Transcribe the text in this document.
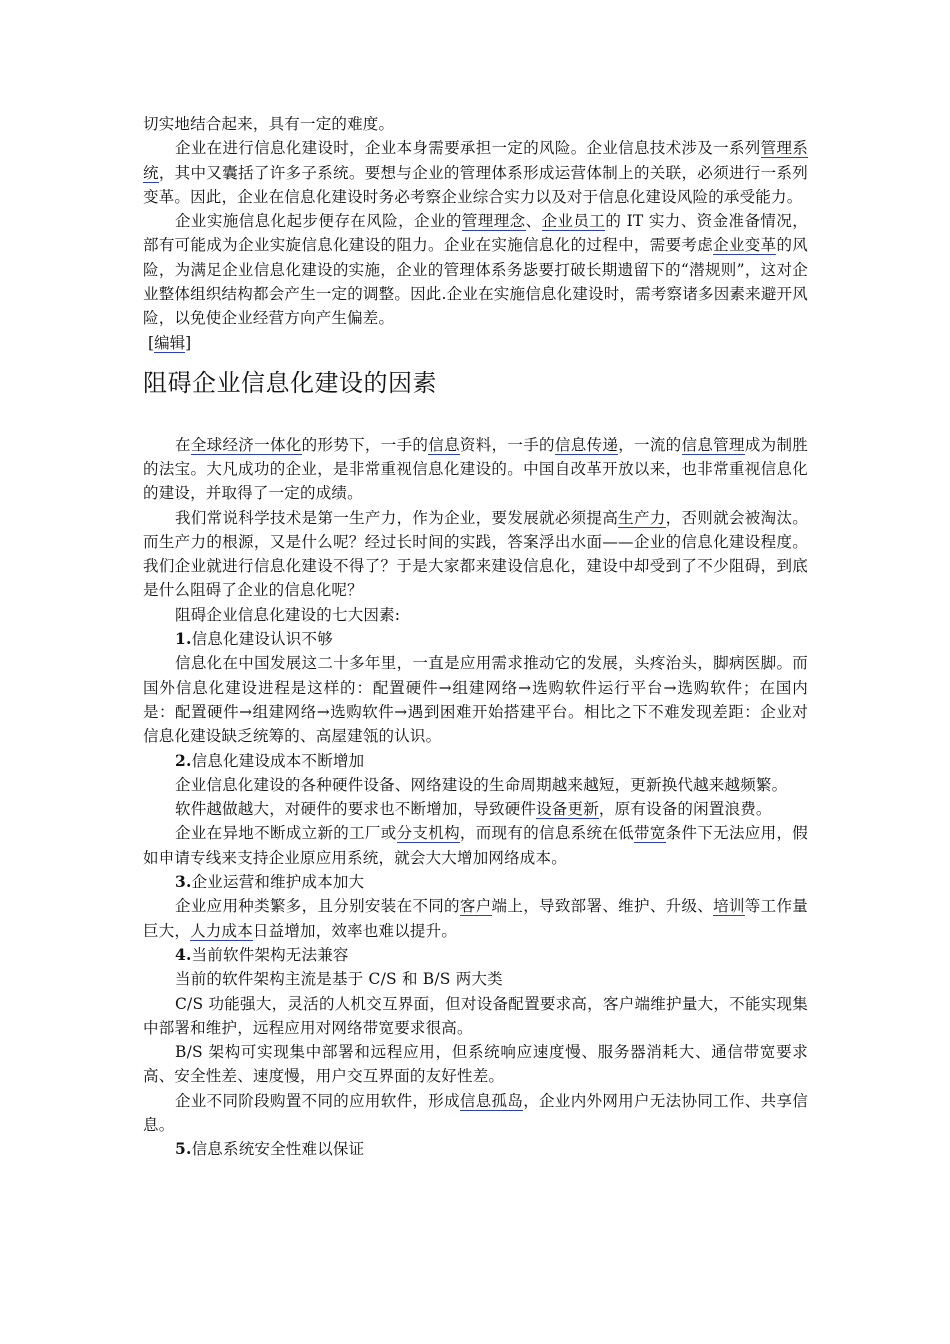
切实地结合起来，具有一定的难度。

企业在进行信息化建设时，企业本身需要承担一定的风险。企业信息技术涉及一系列管理系统，其中又囊括了许多子系统。要想与企业的管理体系形成运营体制上的关联，必须进行一系列变革。因此，企业在信息化建设时务必考察企业综合实力以及对于信息化建设风险的承受能力。

企业实施信息化起步便存在风险，企业的管理理念、企业员工的 IT 实力、资金准备情况，部有可能成为企业实旋信息化建设的阻力。企业在实施信息化的过程中，需要考虑企业变革的风险，为满足企业信息化建设的实施，企业的管理体系务毖要打破长期遗留下的“潜规则”，这对企业整体组织结构都会产生一定的调整。因此.企业在实施信息化建设时，需考察诸多因素来避开风险，以免使企业经营方向产生偏差。

[编辑]
阻碍企业信息化建设的因素

在全球经济一体化的形势下，一手的信息资料，一手的信息传递，一流的信息管理成为制胜的法宝。大凡成功的企业，是非常重视信息化建设的。中国自改革开放以来，也非常重视信息化的建设，并取得了一定的成绩。

我们常说科学技术是第一生产力，作为企业，要发展就必须提高生产力，否则就会被淘汰。而生产力的根源，又是什么呢？经过长时间的实践，答案浮出水面——企业的信息化建设程度。我们企业就进行信息化建设不得了？于是大家都来建设信息化，建设中却受到了不少阻碍，到底是什么阻碍了企业的信息化呢？

阻碍企业信息化建设的七大因素:

1.信息化建设认识不够

信息化在中国发展这二十多年里，一直是应用需求推动它的发展，头疼治头，脚病医脚。而国外信息化建设进程是这样的：配置硬件→组建网络→选购软件运行平台→选购软件；在国内是：配置硬件→组建网络→选购软件→遇到困难开始搭建平台。相比之下不难发现差距：企业对信息化建设缺乏统筹的、高屋建瓴的认识。

2.信息化建设成本不断增加

企业信息化建设的各种硬件设备、网络建设的生命周期越来越短，更新换代越来越频繁。

软件越做越大，对硬件的要求也不断增加，导致硬件设备更新，原有设备的闲置浪费。

企业在异地不断成立新的工厂或分支机构，而现有的信息系统在低带宽条件下无法应用，假如申请专线来支持企业原应用系统，就会大大增加网络成本。

3.企业运营和维护成本加大

企业应用种类繁多，且分别安装在不同的客户端上，导致部署、维护、升级、培训等工作量巨大，人力成本日益增加，效率也难以提升。

4.当前软件架构无法兼容

当前的软件架构主流是基于 C/S 和 B/S 两大类

C/S 功能强大，灵活的人机交互界面，但对设备配置要求高，客户端维护量大，不能实现集中部署和维护，远程应用对网络带宽要求很高。

B/S 架构可实现集中部署和远程应用，但系统响应速度慢、服务器消耗大、通信带宽要求高、安全性差、速度慢，用户交互界面的友好性差。

企业不同阶段购置不同的应用软件，形成信息孤岛，企业内外网用户无法协同工作、共享信息。

5.信息系统安全性难以保证
